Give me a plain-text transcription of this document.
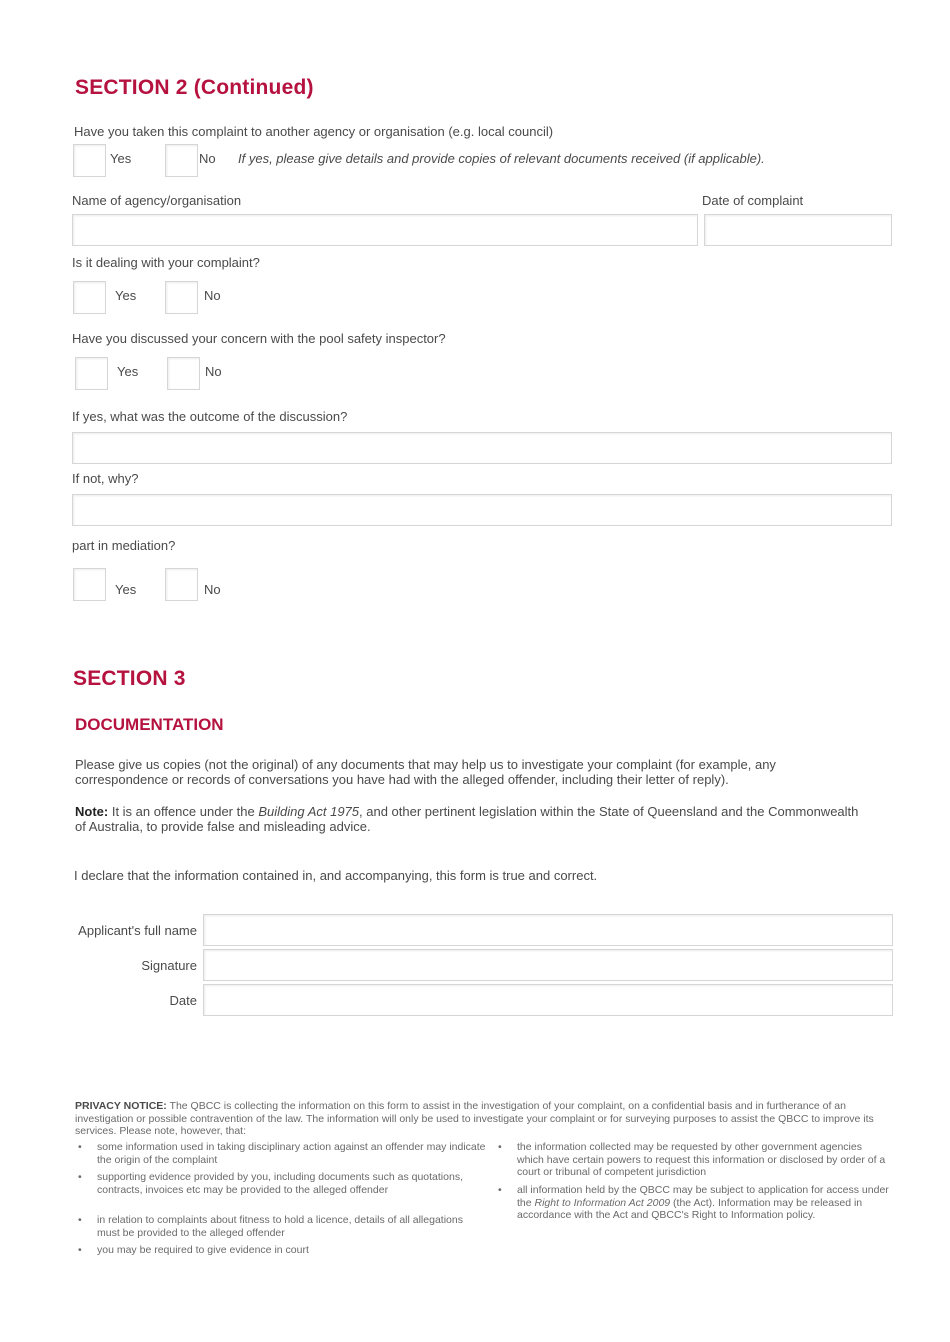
SECTION 2 (Continued)
Have you taken this complaint to another agency or organisation (e.g. local council)
Yes	No If yes, please give details and provide copies of relevant documents received (if applicable).
Name of agency/organisation	Date of complaint
Is it dealing with your complaint?
Yes	No
Have you discussed your concern with the pool safety inspector?
Yes	No
If yes, what was the outcome of the discussion?
If not, why?
part in mediation?
Yes	No
SECTION 3
DOCUMENTATION
Please give us copies (not the original) of any documents that may help us to investigate your complaint (for example, any correspondence or records of conversations you have had with the alleged offender, including their letter of reply).
Note: It is an offence under the Building Act 1975, and other pertinent legislation within the State of Queensland and the Commonwealth of Australia, to provide false and misleading advice.
I declare that the information contained in, and accompanying, this form is true and correct.
Applicant's full name
Signature
Date
PRIVACY NOTICE: The QBCC is collecting the information on this form to assist in the investigation of your complaint, on a confidential basis and in furtherance of an investigation or possible contravention of the law. The information will only be used to investigate your complaint or for surveying purposes to assist the QBCC to improve its services. Please note, however, that:
• some information used in taking disciplinary action against an offender may indicate the origin of the complaint
• supporting evidence provided by you, including documents such as quotations, contracts, invoices etc may be provided to the alleged offender
• in relation to complaints about fitness to hold a licence, details of all allegations must be provided to the alleged offender
• you may be required to give evidence in court
• the information collected may be requested by other government agencies which have certain powers to request this information or disclosed by order of a court or tribunal of competent jurisdiction
• all information held by the QBCC may be subject to application for access under the Right to Information Act 2009 (the Act). Information may be released in accordance with the Act and QBCC's Right to Information policy.
